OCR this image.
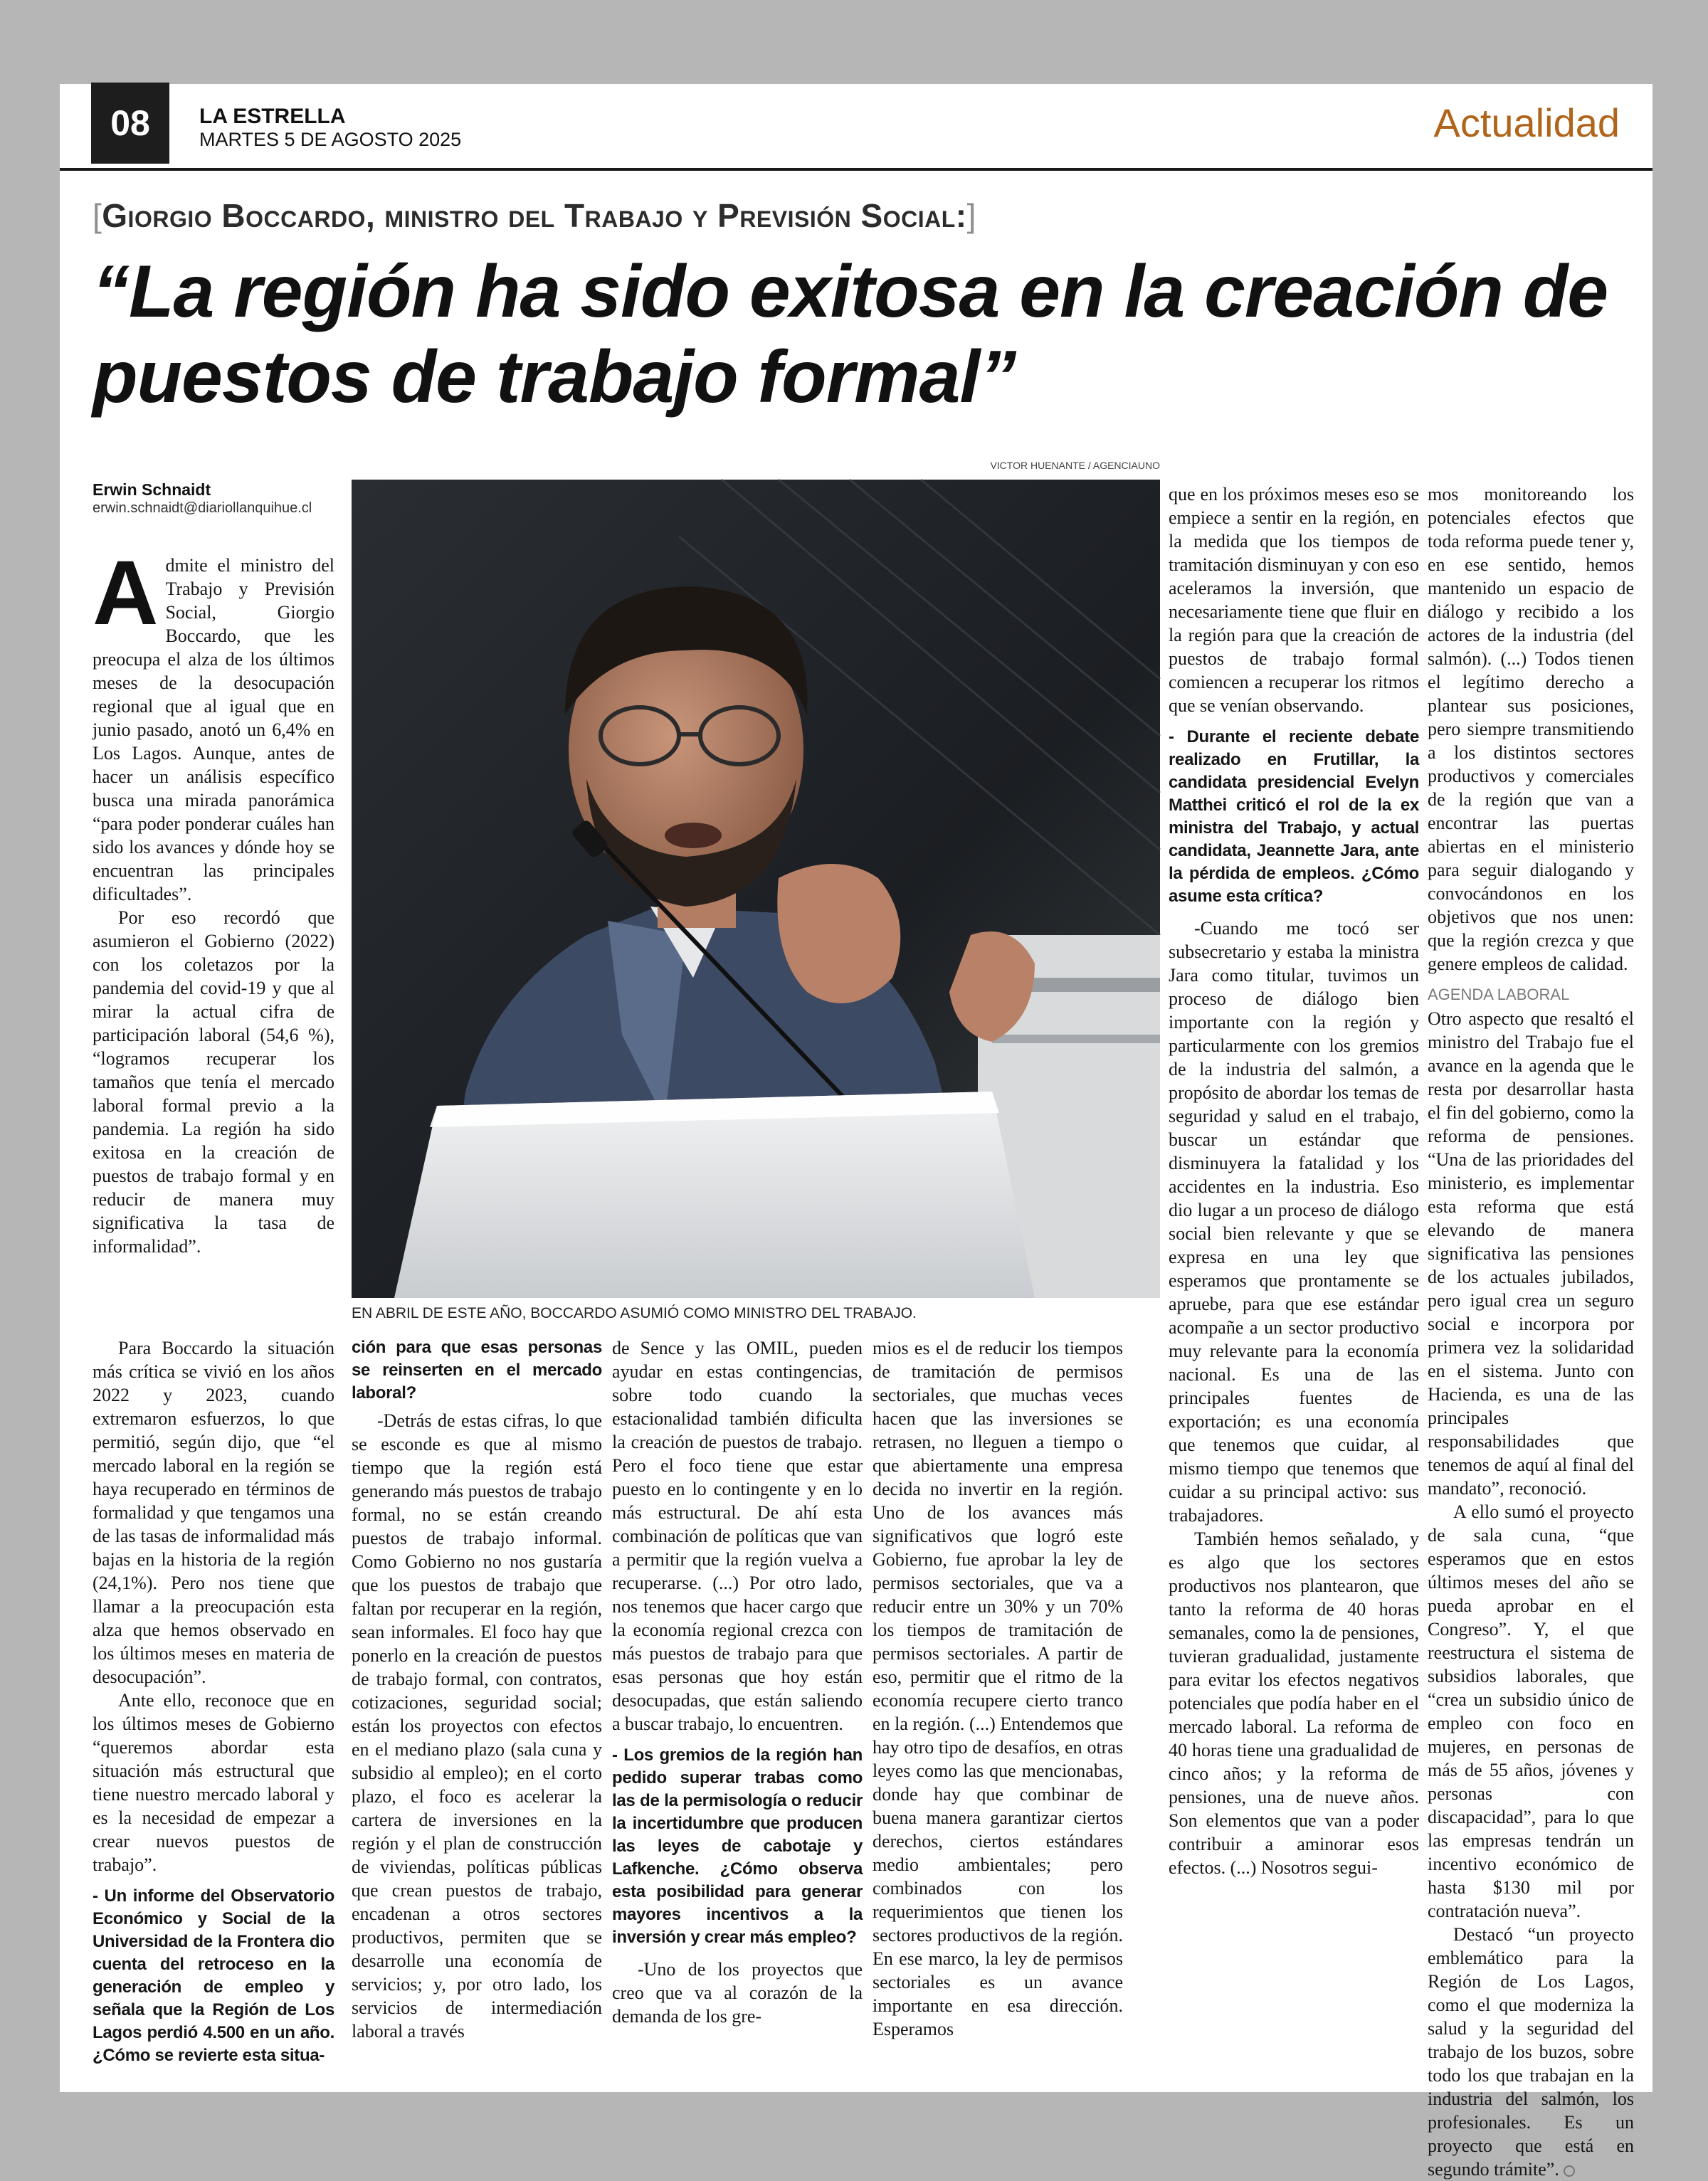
08	LA ESTRELLA
MARTES 5 DE AGOSTO 2025	Actualidad
[Giorgio Boccardo, ministro del Trabajo y Previsión Social:]
“La región ha sido exitosa en la creación de puestos de trabajo formal”
Erwin Schnaidt
erwin.schnaidt@diariollanquihue.cl
VICTOR HUENANTE / AGENCIAUNO
EN ABRIL DE ESTE AÑO, BOCCARDO ASUMIÓ COMO MINISTRO DEL TRABAJO.

Admite el ministro del Trabajo y Previsión Social, Giorgio Boccardo, que les preocupa el alza de los últimos meses de la desocupación regional que al igual que en junio pasado, anotó un 6,4% en Los Lagos. Aunque, antes de hacer un análisis específico busca una mirada panorámica “para poder ponderar cuáles han sido los avances y dónde hoy se encuentran las principales dificultades”.

Por eso recordó que asumieron el Gobierno (2022) con los coletazos por la pandemia del covid-19 y que al mirar la actual cifra de participación laboral (54,6 %), “logramos recuperar los tamaños que tenía el mercado laboral formal previo a la pandemia. La región ha sido exitosa en la creación de puestos de trabajo formal y en reducir de manera muy significativa la tasa de informalidad”.

Para Boccardo la situación más crítica se vivió en los años 2022 y 2023, cuando extremaron esfuerzos, lo que permitió, según dijo, que “el mercado laboral en la región se haya recuperado en términos de formalidad y que tengamos una de las tasas de informalidad más bajas en la historia de la región (24,1%). Pero nos tiene que llamar a la preocupación esta alza que hemos observado en los últimos meses en materia de desocupación”.

Ante ello, reconoce que en los últimos meses de Gobierno “queremos abordar esta situación más estructural que tiene nuestro mercado laboral y es la necesidad de empezar a crear nuevos puestos de trabajo”.

- Un informe del Observatorio Económico y Social de la Universidad de la Frontera dio cuenta del retroceso en la generación de empleo y señala que la Región de Los Lagos perdió 4.500 en un año. ¿Cómo se revierte esta situa-

ción para que esas personas se reinserten en el mercado laboral?

-Detrás de estas cifras, lo que se esconde es que al mismo tiempo que la región está generando más puestos de trabajo formal, no se están creando puestos de trabajo informal. Como Gobierno no nos gustaría que los puestos de trabajo que faltan por recuperar en la región, sean informales. El foco hay que ponerlo en la creación de puestos de trabajo formal, con contratos, cotizaciones, seguridad social; están los proyectos con efectos en el mediano plazo (sala cuna y subsidio al empleo); en el corto plazo, el foco es acelerar la cartera de inversiones en la región y el plan de construcción de viviendas, políticas públicas que crean puestos de trabajo, encadenan a otros sectores productivos, permiten que se desarrolle una economía de servicios; y, por otro lado, los servicios de intermediación laboral a través

de Sence y las OMIL, pueden ayudar en estas contingencias, sobre todo cuando la estacionalidad también dificulta la creación de puestos de trabajo. Pero el foco tiene que estar puesto en lo contingente y en lo más estructural. De ahí esta combinación de políticas que van a permitir que la región vuelva a recuperarse. (...) Por otro lado, nos tenemos que hacer cargo que la economía regional crezca con más puestos de trabajo para que esas personas que hoy están desocupadas, que están saliendo a buscar trabajo, lo encuentren.

- Los gremios de la región han pedido superar trabas como las de la permisología o reducir la incertidumbre que producen las leyes de cabotaje y Lafkenche. ¿Cómo observa esta posibilidad para generar mayores incentivos a la inversión y crear más empleo?

-Uno de los proyectos que creo que va al corazón de la demanda de los gre-

mios es el de reducir los tiempos de tramitación de permisos sectoriales, que muchas veces hacen que las inversiones se retrasen, no lleguen a tiempo o que abiertamente una empresa decida no invertir en la región. Uno de los avances más significativos que logró este Gobierno, fue aprobar la ley de permisos sectoriales, que va a reducir entre un 30% y un 70% los tiempos de tramitación de permisos sectoriales. A partir de eso, permitir que el ritmo de la economía recupere cierto tranco en la región. (...) Entendemos que hay otro tipo de desafíos, en otras leyes como las que mencionabas, donde hay que combinar de buena manera garantizar ciertos derechos, ciertos estándares medio ambientales; pero combinados con los requerimientos que tienen los sectores productivos de la región. En ese marco, la ley de permisos sectoriales es un avance importante en esa dirección. Esperamos

que en los próximos meses eso se empiece a sentir en la región, en la medida que los tiempos de tramitación disminuyan y con eso aceleramos la inversión, que necesariamente tiene que fluir en la región para que la creación de puestos de trabajo formal comiencen a recuperar los ritmos que se venían observando.

- Durante el reciente debate realizado en Frutillar, la candidata presidencial Evelyn Matthei criticó el rol de la ex ministra del Trabajo, y actual candidata, Jeannette Jara, ante la pérdida de empleos. ¿Cómo asume esta crítica?

-Cuando me tocó ser subsecretario y estaba la ministra Jara como titular, tuvimos un proceso de diálogo bien importante con la región y particularmente con los gremios de la industria del salmón, a propósito de abordar los temas de seguridad y salud en el trabajo, buscar un estándar que disminuyera la fatalidad y los accidentes en la industria. Eso dio lugar a un proceso de diálogo social bien relevante y que se expresa en una ley que esperamos que prontamente se apruebe, para que ese estándar acompañe a un sector productivo muy relevante para la economía nacional. Es una de las principales fuentes de exportación; es una economía que tenemos que cuidar, al mismo tiempo que tenemos que cuidar a su principal activo: sus trabajadores.

También hemos señalado, y es algo que los sectores productivos nos plantearon, que tanto la reforma de 40 horas semanales, como la de pensiones, tuvieran gradualidad, justamente para evitar los efectos negativos potenciales que podía haber en el mercado laboral. La reforma de 40 horas tiene una gradualidad de cinco años; y la reforma de pensiones, una de nueve años. Son elementos que van a poder contribuir a aminorar esos efectos. (...) Nosotros segui-

mos monitoreando los potenciales efectos que toda reforma puede tener y, en ese sentido, hemos mantenido un espacio de diálogo y recibido a los actores de la industria (del salmón). (...) Todos tienen el legítimo derecho a plantear sus posiciones, pero siempre transmitiendo a los distintos sectores productivos y comerciales de la región que van a encontrar las puertas abiertas en el ministerio para seguir dialogando y convocándonos en los objetivos que nos unen: que la región crezca y que genere empleos de calidad.

AGENDA LABORAL

Otro aspecto que resaltó el ministro del Trabajo fue el avance en la agenda que le resta por desarrollar hasta el fin del gobierno, como la reforma de pensiones. “Una de las prioridades del ministerio, es implementar esta reforma que está elevando de manera significativa las pensiones de los actuales jubilados, pero igual crea un seguro social e incorpora por primera vez la solidaridad en el sistema. Junto con Hacienda, es una de las principales responsabilidades que tenemos de aquí al final del mandato”, reconoció.

A ello sumó el proyecto de sala cuna, “que esperamos que en estos últimos meses del año se pueda aprobar en el Congreso”. Y, el que reestructura el sistema de subsidios laborales, que “crea un subsidio único de empleo con foco en mujeres, en personas de más de 55 años, jóvenes y personas con discapacidad”, para lo que las empresas tendrán un incentivo económico de hasta $130 mil por contratación nueva”.

Destacó “un proyecto emblemático para la Región de Los Lagos, como el que moderniza la salud y la seguridad del trabajo de los buzos, sobre todo los que trabajan en la industria del salmón, los profesionales. Es un proyecto que está en segundo trámite”.
